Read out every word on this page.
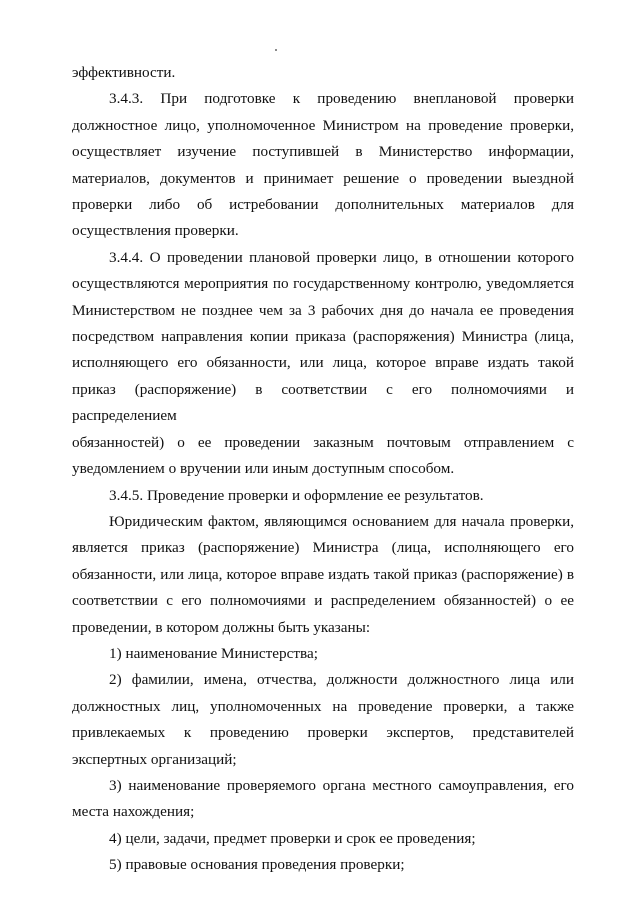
эффективности.
3.4.3. При подготовке к проведению внеплановой проверки
должностное лицо, уполномоченное Министром на проведение проверки,
осуществляет изучение поступившей в Министерство информации,
материалов, документов и принимает решение о проведении выездной
проверки либо об истребовании дополнительных материалов для
осуществления проверки.
3.4.4. О проведении плановой проверки лицо, в отношении которого
осуществляются мероприятия по государственному контролю, уведомляется
Министерством не позднее чем за 3 рабочих дня до начала ее проведения
посредством направления копии приказа (распоряжения) Министра (лица,
исполняющего его обязанности, или лица, которое вправе издать такой
приказ (распоряжение) в соответствии с его полномочиями и распределением
обязанностей) о ее проведении заказным почтовым отправлением с
уведомлением о вручении или иным доступным способом.
3.4.5. Проведение проверки и оформление ее результатов.
Юридическим фактом, являющимся основанием для начала проверки,
является приказ (распоряжение) Министра (лица, исполняющего его
обязанности, или лица, которое вправе издать такой приказ (распоряжение) в
соответствии с его полномочиями и распределением обязанностей) о ее
проведении, в котором должны быть указаны:
1) наименование Министерства;
2) фамилии, имена, отчества, должности должностного лица или
должностных лиц, уполномоченных на проведение проверки, а также
привлекаемых к проведению проверки экспертов, представителей
экспертных организаций;
3) наименование проверяемого органа местного самоуправления, его
места нахождения;
4) цели, задачи, предмет проверки и срок ее проведения;
5) правовые основания проведения проверки;
